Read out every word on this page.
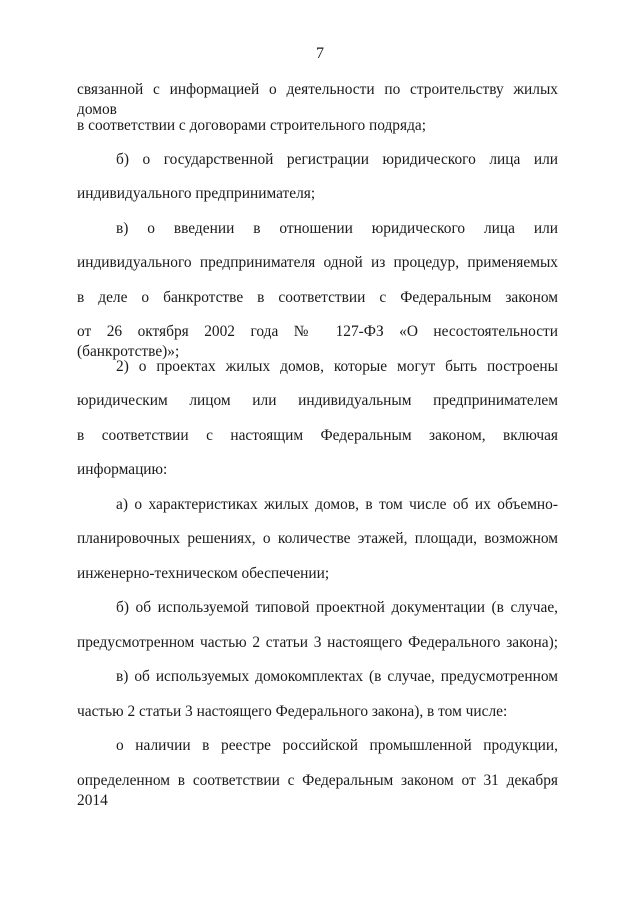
7
связанной с информацией о деятельности по строительству жилых домов
в соответствии с договорами строительного подряда;
б) о государственной регистрации юридического лица или
индивидуального предпринимателя;
в) о введении в отношении юридического лица или
индивидуального предпринимателя одной из процедур, применяемых
в деле о банкротстве в соответствии с Федеральным законом
от 26 октября 2002 года № 127-ФЗ «О несостоятельности (банкротстве)»;
2) о проектах жилых домов, которые могут быть построены
юридическим лицом или индивидуальным предпринимателем
в соответствии с настоящим Федеральным законом, включая
информацию:
а) о характеристиках жилых домов, в том числе об их объемно-
планировочных решениях, о количестве этажей, площади, возможном
инженерно-техническом обеспечении;
б) об используемой типовой проектной документации (в случае,
предусмотренном частью 2 статьи 3 настоящего Федерального закона);
в) об используемых домокомплектах (в случае, предусмотренном
частью 2 статьи 3 настоящего Федерального закона), в том числе:
о наличии в реестре российской промышленной продукции,
определенном в соответствии с Федеральным законом от 31 декабря 2014
